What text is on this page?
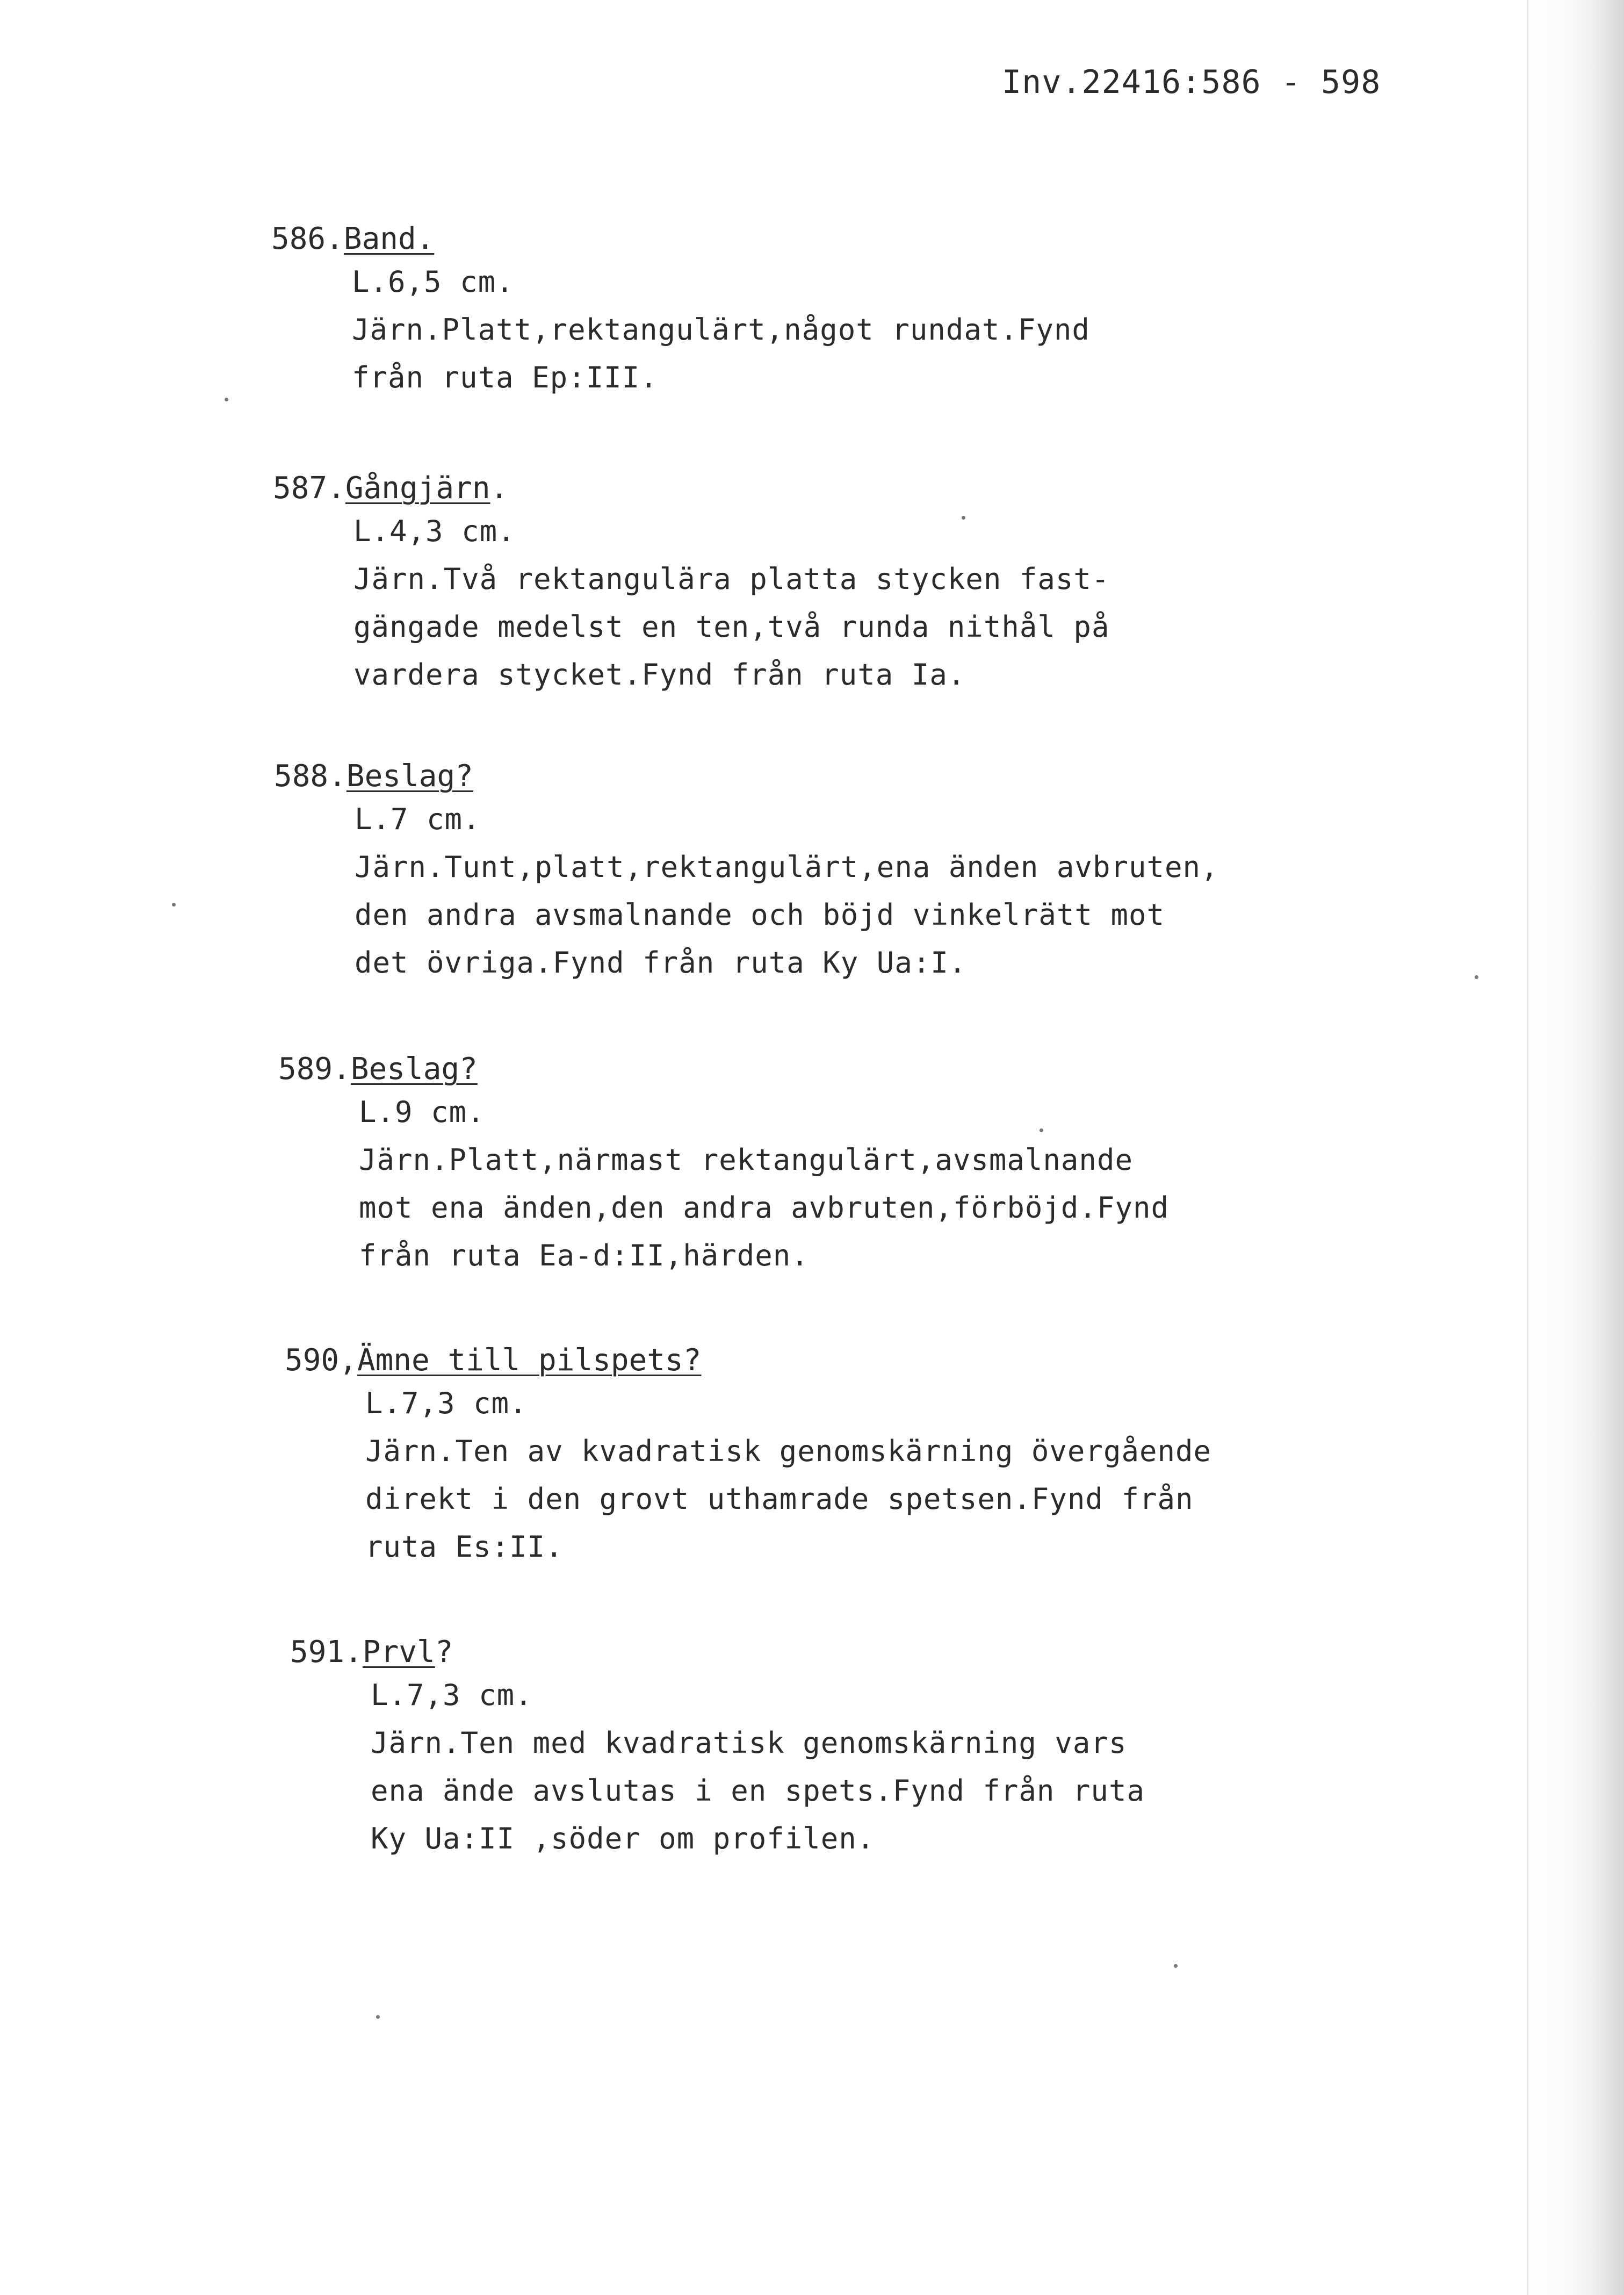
Inv.22416:586 - 598
586.Band.
L.6,5 cm.
Järn.Platt,rektangulärt,något rundat.Fynd
från ruta Ep:III.
587.Gångjärn.
L.4,3 cm.
Järn.Två rektangulära platta stycken fast-
gängade medelst en ten,två runda nithål på
vardera stycket.Fynd från ruta Ia.
588.Beslag?
L.7 cm.
Järn.Tunt,platt,rektangulärt,ena änden avbruten,
den andra avsmalnande och böjd vinkelrätt mot
det övriga.Fynd från ruta Ky Ua:I.
589.Beslag?
L.9 cm.
Järn.Platt,närmast rektangulärt,avsmalnande
mot ena änden,den andra avbruten,förböjd.Fynd
från ruta Ea-d:II,härden.
590,Ämne till pilspets?
L.7,3 cm.
Järn.Ten av kvadratisk genomskärning övergående
direkt i den grovt uthamrade spetsen.Fynd från
ruta Es:II.
591.Prvl?
L.7,3 cm.
Järn.Ten med kvadratisk genomskärning vars
ena ände avslutas i en spets.Fynd från ruta
Ky Ua:II ,söder om profilen.
